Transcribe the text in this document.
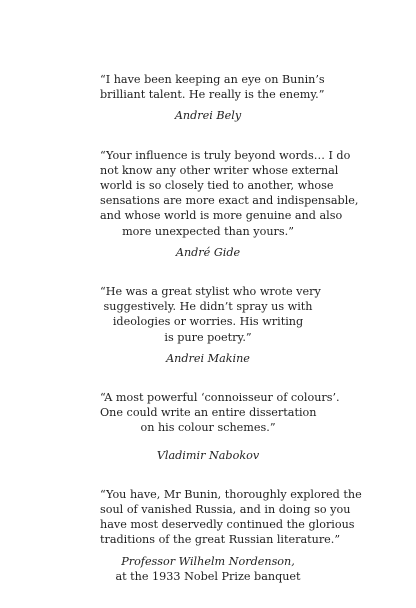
“I have been keeping an eye on Bunin’s
brilliant talent. He really is the enemy.”

Andrei Bely

“Your influence is truly beyond words… I do
not know any other writer whose external
world is so closely tied to another, whose
sensations are more exact and indispensable,
and whose world is more genuine and also
more unexpected than yours.”

André Gide

“He was a great stylist who wrote very
suggestively. He didn’t spray us with
ideologies or worries. His writing
is pure poetry.”

Andrei Makine

“A most powerful ‘connoisseur of colours’.
One could write an entire dissertation
on his colour schemes.”

Vladimir Nabokov

“You have, Mr Bunin, thoroughly explored the
soul of vanished Russia, and in doing so you
have most deservedly continued the glorious
traditions of the great Russian literature.”

Professor Wilhelm Nordenson,

at the 1933 Nobel Prize banquet
